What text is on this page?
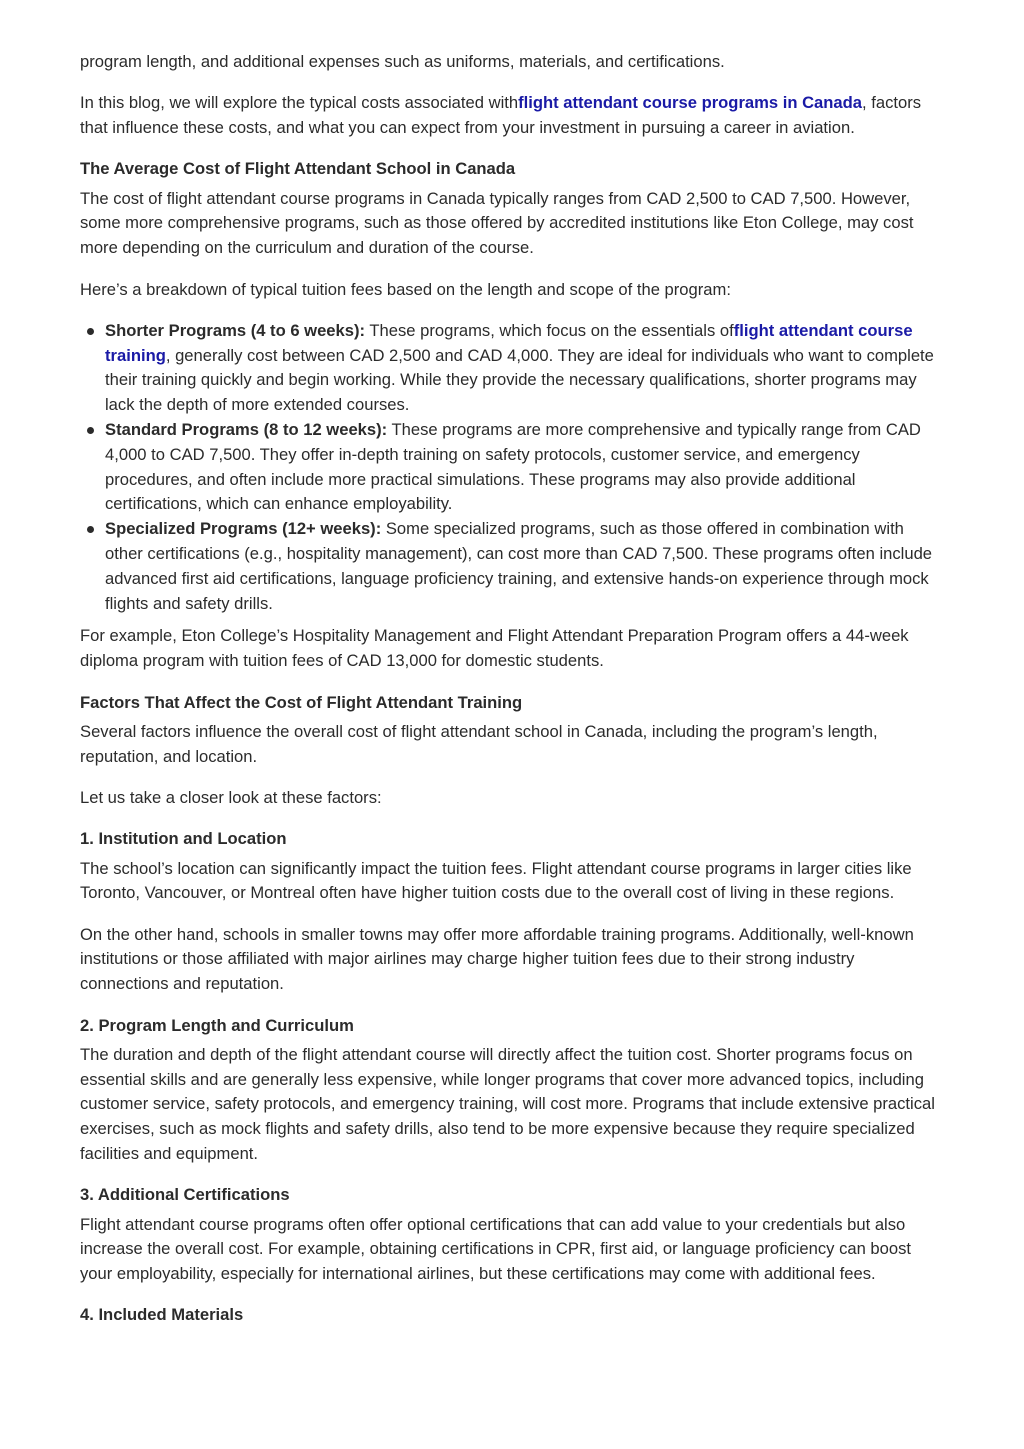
program length, and additional expenses such as uniforms, materials, and certifications.

In this blog, we will explore the typical costs associated withflight attendant course programs in Canada, factors that influence these costs, and what you can expect from your investment in pursuing a career in aviation.

The Average Cost of Flight Attendant School in Canada

The cost of flight attendant course programs in Canada typically ranges from CAD 2,500 to CAD 7,500. However, some more comprehensive programs, such as those offered by accredited institutions like Eton College, may cost more depending on the curriculum and duration of the course.

Here’s a breakdown of typical tuition fees based on the length and scope of the program:

Shorter Programs (4 to 6 weeks): These programs, which focus on the essentials offlight attendant course training, generally cost between CAD 2,500 and CAD 4,000. They are ideal for individuals who want to complete their training quickly and begin working. While they provide the necessary qualifications, shorter programs may lack the depth of more extended courses.
Standard Programs (8 to 12 weeks): These programs are more comprehensive and typically range from CAD 4,000 to CAD 7,500. They offer in-depth training on safety protocols, customer service, and emergency procedures, and often include more practical simulations. These programs may also provide additional certifications, which can enhance employability.
Specialized Programs (12+ weeks): Some specialized programs, such as those offered in combination with other certifications (e.g., hospitality management), can cost more than CAD 7,500. These programs often include advanced first aid certifications, language proficiency training, and extensive hands-on experience through mock flights and safety drills.

For example, Eton College’s Hospitality Management and Flight Attendant Preparation Program offers a 44-week diploma program with tuition fees of CAD 13,000 for domestic students.

Factors That Affect the Cost of Flight Attendant Training

Several factors influence the overall cost of flight attendant school in Canada, including the program’s length, reputation, and location.

Let us take a closer look at these factors:

1. Institution and Location

The school’s location can significantly impact the tuition fees. Flight attendant course programs in larger cities like Toronto, Vancouver, or Montreal often have higher tuition costs due to the overall cost of living in these regions.

On the other hand, schools in smaller towns may offer more affordable training programs. Additionally, well-known institutions or those affiliated with major airlines may charge higher tuition fees due to their strong industry connections and reputation.

2. Program Length and Curriculum

The duration and depth of the flight attendant course will directly affect the tuition cost. Shorter programs focus on essential skills and are generally less expensive, while longer programs that cover more advanced topics, including customer service, safety protocols, and emergency training, will cost more. Programs that include extensive practical exercises, such as mock flights and safety drills, also tend to be more expensive because they require specialized facilities and equipment.

3. Additional Certifications

Flight attendant course programs often offer optional certifications that can add value to your credentials but also increase the overall cost. For example, obtaining certifications in CPR, first aid, or language proficiency can boost your employability, especially for international airlines, but these certifications may come with additional fees.

4. Included Materials
